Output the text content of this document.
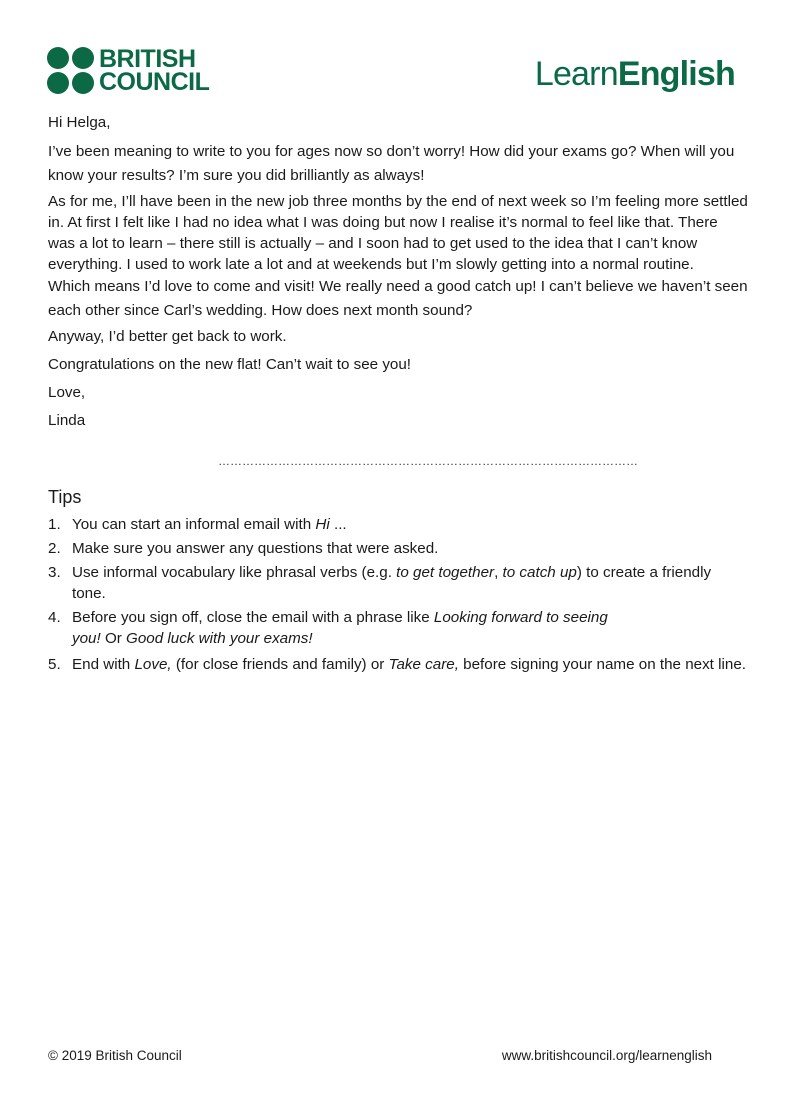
BRITISH
COUNCIL	LearnEnglish

Hi Helga,

I’ve been meaning to write to you for ages now so don’t worry! How did your exams go? When will you know your results? I’m sure you did brilliantly as always!

As for me, I’ll have been in the new job three months by the end of next week so I’m feeling more settled in. At first I felt like I had no idea what I was doing but now I realise it’s normal to feel like that. There was a lot to learn – there still is actually – and I soon had to get used to the idea that I can’t know everything. I used to work late a lot and at weekends but I’m slowly getting into a normal routine.

Which means I’d love to come and visit! We really need a good catch up! I can’t believe we haven’t seen each other since Carl’s wedding. How does next month sound?

Anyway, I’d better get back to work.

Congratulations on the new flat! Can’t wait to see you!

Love,

Linda

……………………………………………………………………………………………
Tips
1. You can start an informal email with Hi ...
2. Make sure you answer any questions that were asked.
3. Use informal vocabulary like phrasal verbs (e.g. to get together, to catch up) to create a friendly tone.
4. Before you sign off, close the email with a phrase like Looking forward to seeing
you! Or Good luck with your exams!
5. End with Love, (for close friends and family) or Take care, before signing your name on the next line.
© 2019 British Council	www.britishcouncil.org/learnenglish
